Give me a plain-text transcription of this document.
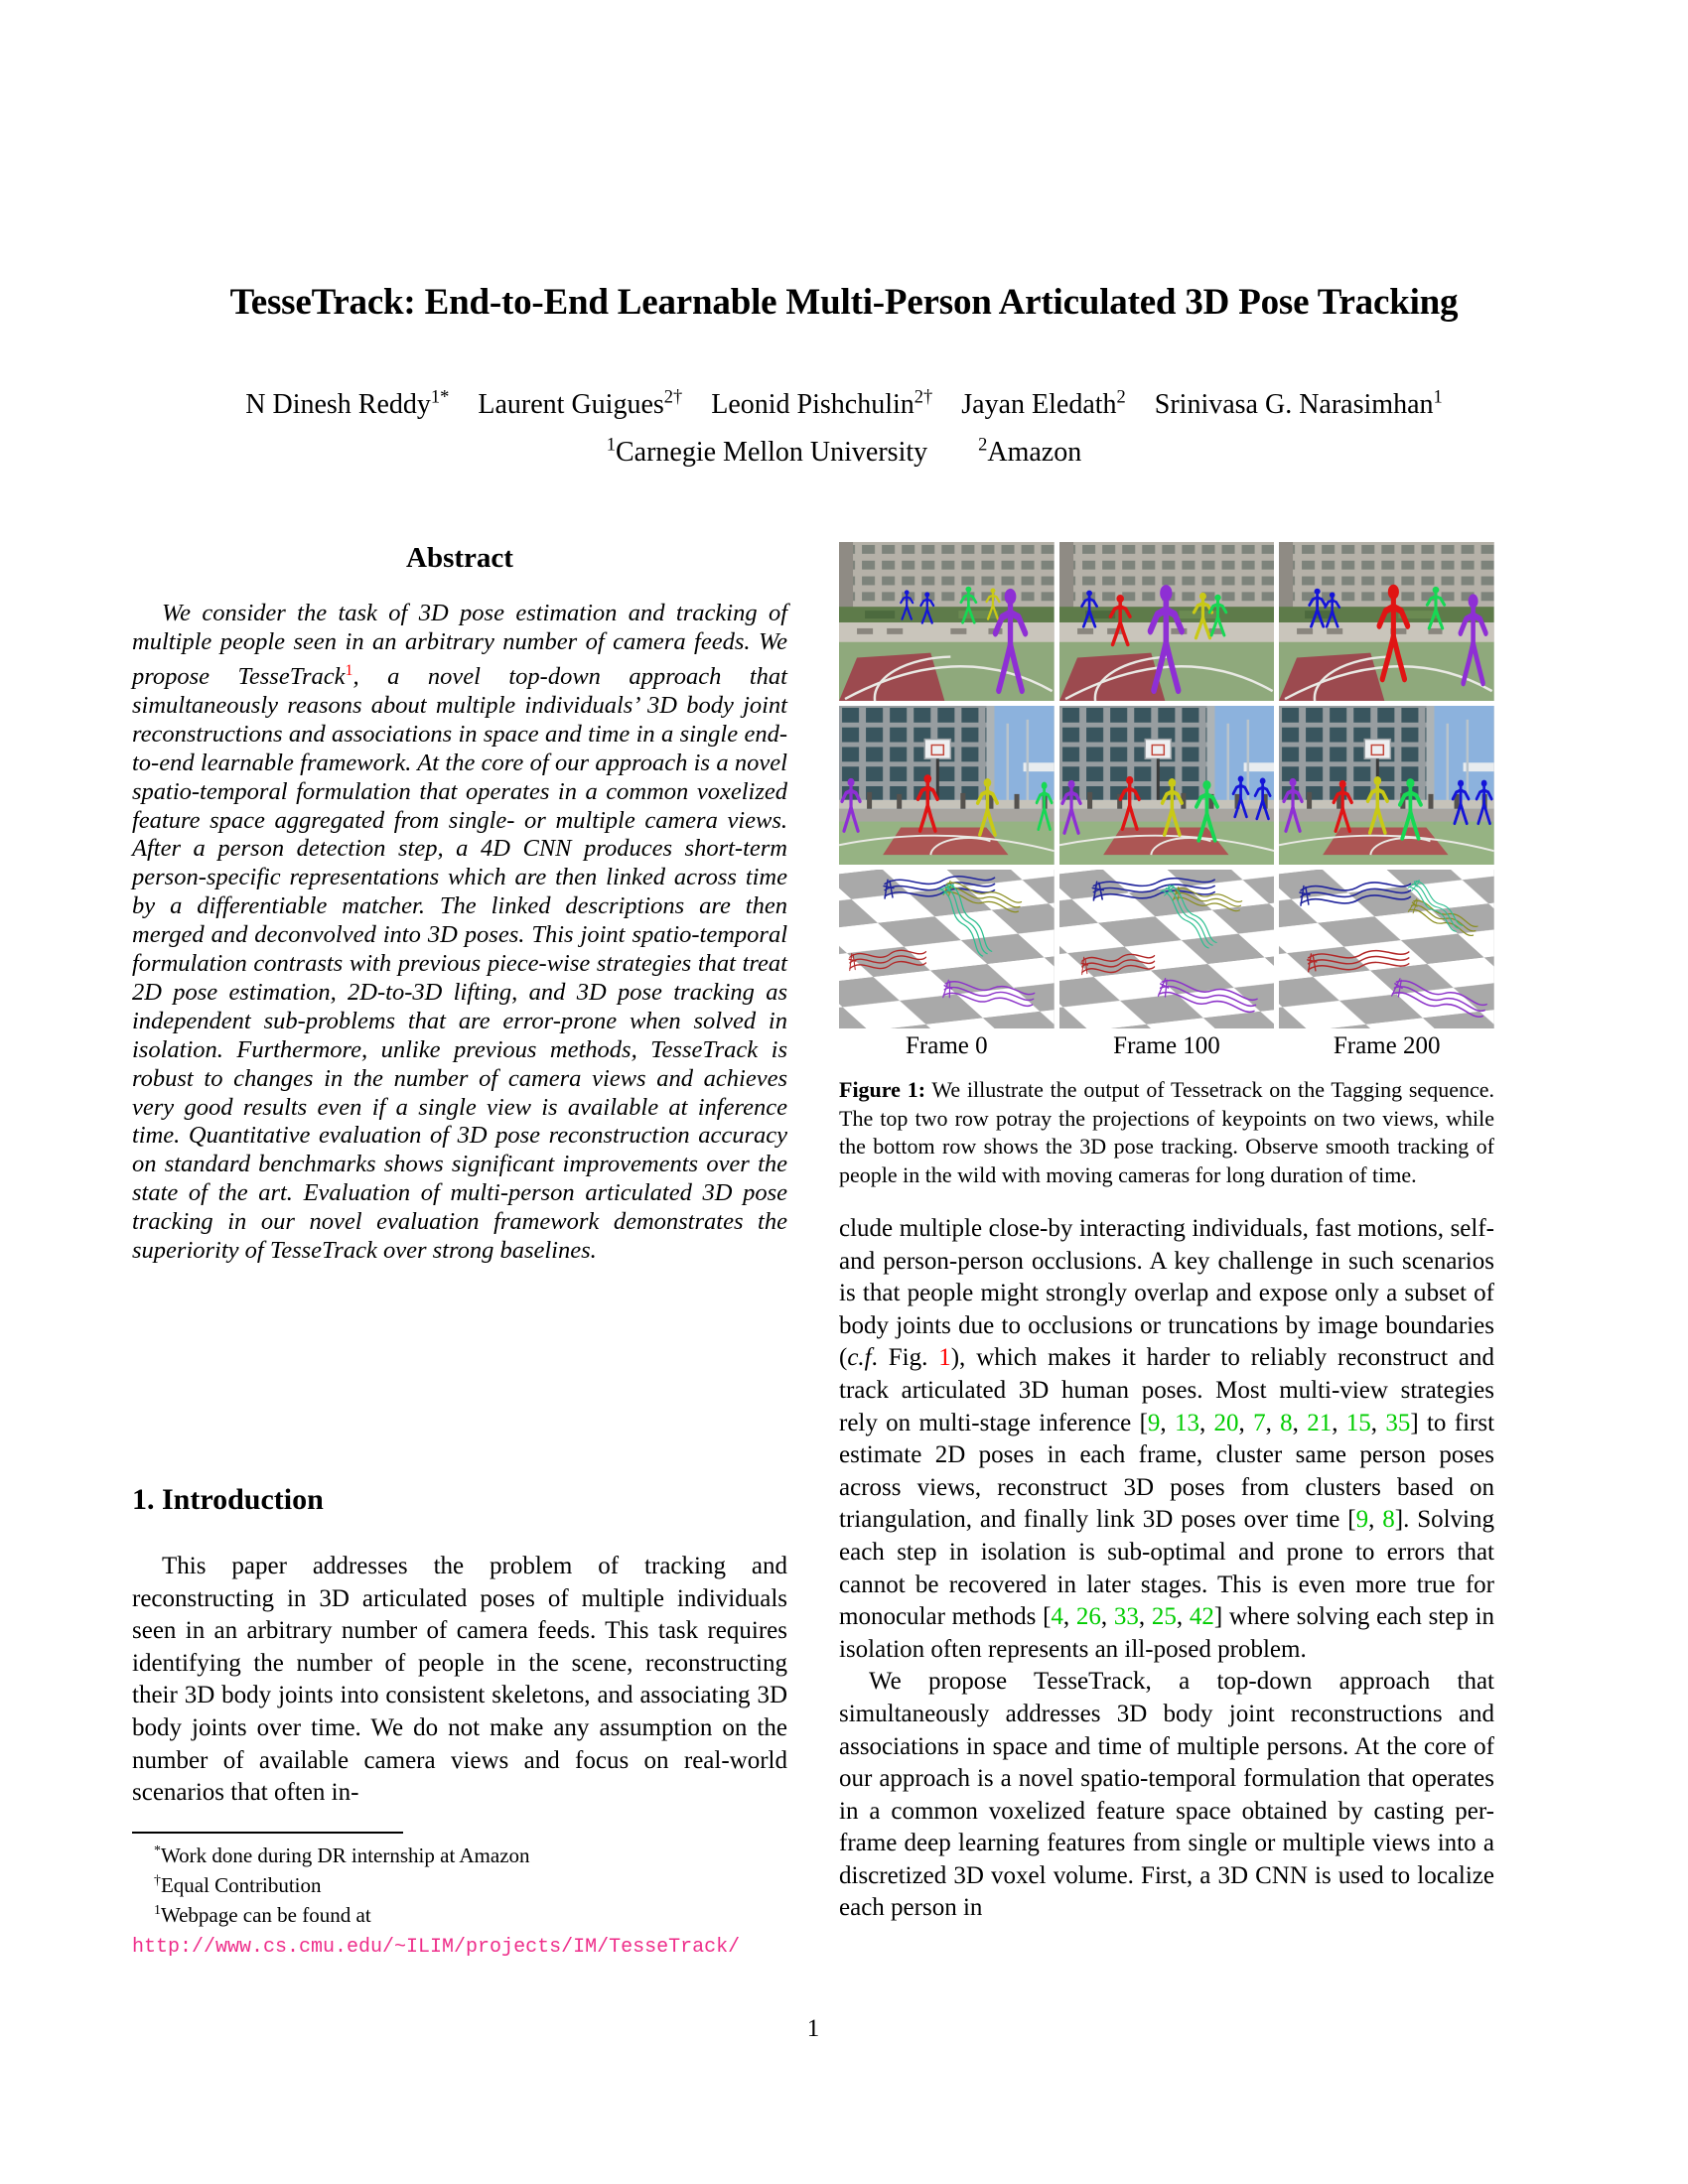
TesseTrack: End-to-End Learnable Multi-Person Articulated 3D Pose Tracking
N Dinesh Reddy$^{1*}$ Laurent Guigues$^{2\dagger}$ Leonid Pishchulin$^{2\dagger}$ Jayan Eledath$^2$ Srinivasa G. Narasimhan$^1$
$^1$Carnegie Mellon University	$^2$Amazon
Abstract
We consider the task of 3D pose estimation and tracking of multiple people seen in an arbitrary number of camera feeds. We propose TesseTrack$^1$, a novel top-down approach that simultaneously reasons about multiple individuals’ 3D body joint reconstructions and associations in space and time in a single end-to-end learnable framework. At the core of our approach is a novel spatio-temporal formulation that operates in a common voxelized feature space aggregated from single- or multiple camera views. After a person detection step, a 4D CNN produces short-term person-specific representations which are then linked across time by a differentiable matcher. The linked descriptions are then merged and deconvolved into 3D poses. This joint spatio-temporal formulation contrasts with previous piece-wise strategies that treat 2D pose estimation, 2D-to-3D lifting, and 3D pose tracking as independent sub-problems that are error-prone when solved in isolation. Furthermore, unlike previous methods, TesseTrack is robust to changes in the number of camera views and achieves very good results even if a single view is available at inference time. Quantitative evaluation of 3D pose reconstruction accuracy on standard benchmarks shows significant improvements over the state of the art. Evaluation of multi-person articulated 3D pose tracking in our novel evaluation framework demonstrates the superiority of TesseTrack over strong baselines.
1. Introduction
This paper addresses the problem of tracking and reconstructing in 3D articulated poses of multiple individuals seen in an arbitrary number of camera feeds. This task requires identifying the number of people in the scene, reconstructing their 3D body joints into consistent skeletons, and associating 3D body joints over time. We do not make any assumption on the number of available camera views and focus on real-world scenarios that often in-
*Work done during DR internship at Amazon
†Equal Contribution
$^1$Webpage can be found at http://www.cs.cmu.edu/~ILIM/projects/IM/TesseTrack/
Frame 0	Frame 100	Frame 200
Figure 1: We illustrate the output of Tessetrack on the Tagging sequence. The top two row potray the projections of keypoints on two views, while the bottom row shows the 3D pose tracking. Observe smooth tracking of people in the wild with moving cameras for long duration of time.

clude multiple close-by interacting individuals, fast motions, self- and person-person occlusions. A key challenge in such scenarios is that people might strongly overlap and expose only a subset of body joints due to occlusions or truncations by image boundaries (c.f. Fig. 1), which makes it harder to reliably reconstruct and track articulated 3D human poses. Most multi-view strategies rely on multi-stage inference [9, 13, 20, 7, 8, 21, 15, 35] to first estimate 2D poses in each frame, cluster same person poses across views, reconstruct 3D poses from clusters based on triangulation, and finally link 3D poses over time [9, 8]. Solving each step in isolation is sub-optimal and prone to errors that cannot be recovered in later stages. This is even more true for monocular methods [4, 26, 33, 25, 42] where solving each step in isolation often represents an ill-posed problem.

We propose TesseTrack, a top-down approach that simultaneously addresses 3D body joint reconstructions and associations in space and time of multiple persons. At the core of our approach is a novel spatio-temporal formulation that operates in a common voxelized feature space obtained by casting per-frame deep learning features from single or multiple views into a discretized 3D voxel volume. First, a 3D CNN is used to localize each person in

1
